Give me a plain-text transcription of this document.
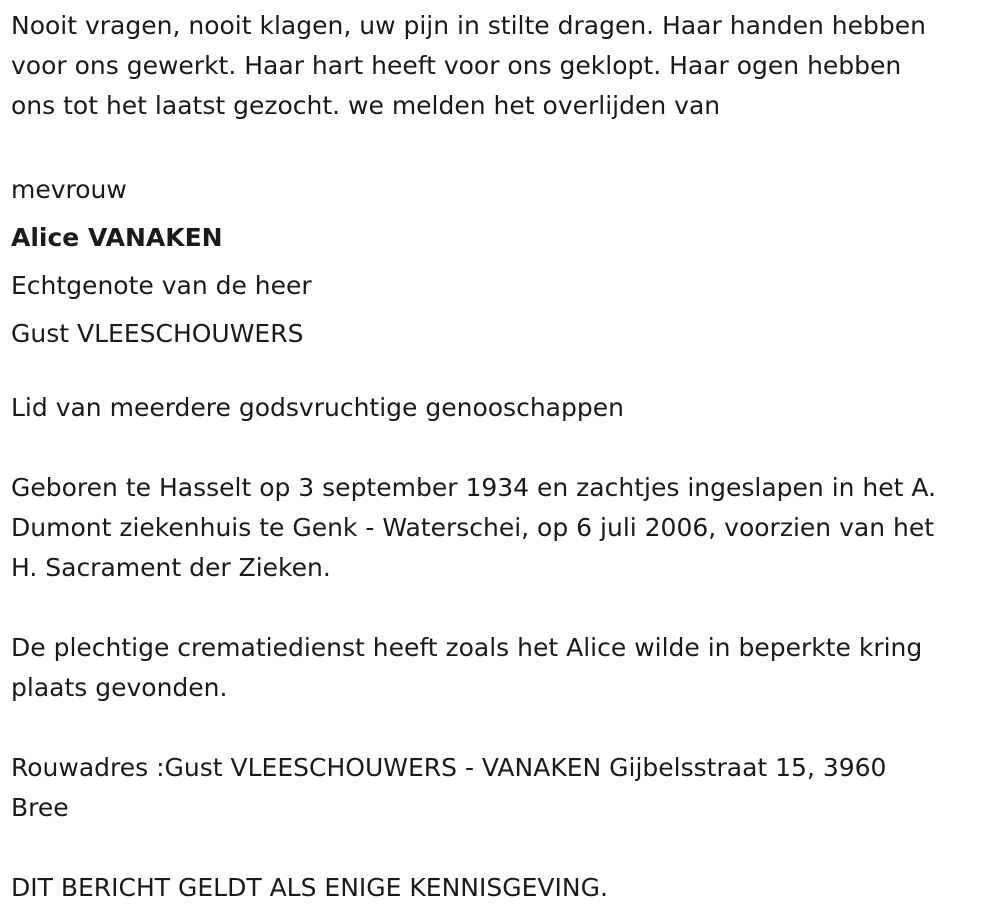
Nooit vragen, nooit klagen, uw pijn in stilte dragen. Haar handen hebben
voor ons gewerkt. Haar hart heeft voor ons geklopt. Haar ogen hebben
ons tot het laatst gezocht. we melden het overlijden van

mevrouw
Alice VANAKEN
Echtgenote van de heer
Gust VLEESCHOUWERS

Lid van meerdere godsvruchtige genooschappen

Geboren te Hasselt op 3 september 1934 en zachtjes ingeslapen in het A.
Dumont ziekenhuis te Genk - Waterschei, op 6 juli 2006, voorzien van het
H. Sacrament der Zieken.

De plechtige crematiedienst heeft zoals het Alice wilde in beperkte kring
plaats gevonden.

Rouwadres :Gust VLEESCHOUWERS - VANAKEN Gijbelsstraat 15, 3960
Bree

DIT BERICHT GELDT ALS ENIGE KENNISGEVING.
